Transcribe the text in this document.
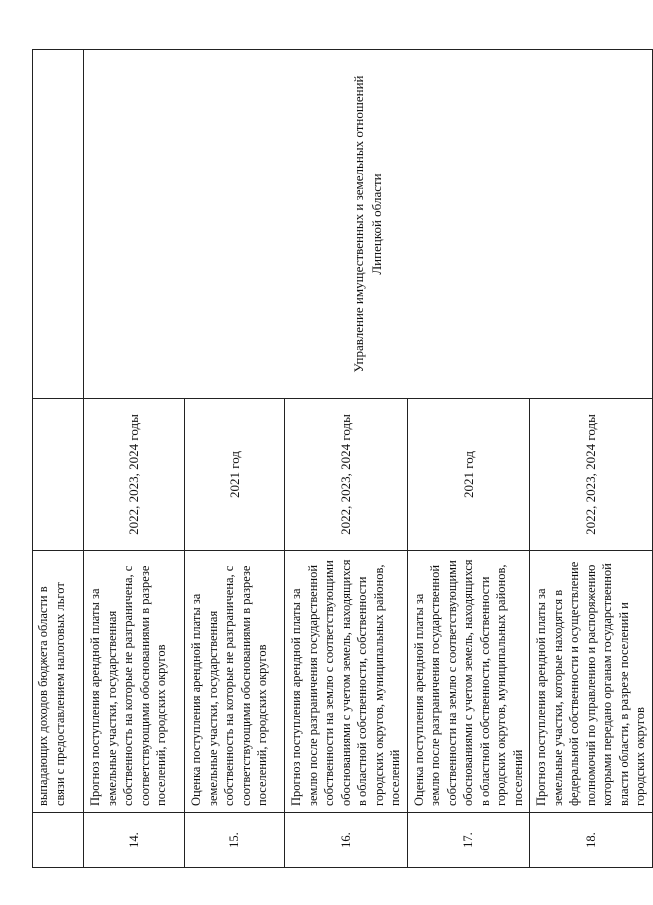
	выпадающих доходов бюджета области в связи с предоставлением налоговых льгот		
14.	Прогноз поступления арендной платы за земельные участки, государственная собственность на которые не разграничена, с соответствующими обоснованиями в разрезе поселений, городских округов	2022, 2023, 2024 годы	Управление имущественных и земельных отношений Липецкой области
15.	Оценка поступления арендной платы за земельные участки, государственная собственность на которые не разграничена, с соответствующими обоснованиями в разрезе поселений, городских округов	2021 год	
16.	Прогноз поступления арендной платы за землю после разграничения государственной собственности на землю с соответствующими обоснованиями с учетом земель, находящихся в областной собственности, собственности городских округов, муниципальных районов, поселений	2022, 2023, 2024 годы	
17.	Оценка поступления арендной платы за землю после разграничения государственной собственности на землю с соответствующими обоснованиями с учетом земель, находящихся в областной собственности, собственности городских округов, муниципальных районов, поселений	2021 год	
18.	Прогноз поступления арендной платы за земельные участки, которые находятся в федеральной собственности и осуществление полномочий по управлению и распоряжению которыми передано органам государственной власти области, в разрезе поселений и городских округов	2022, 2023, 2024 годы	
